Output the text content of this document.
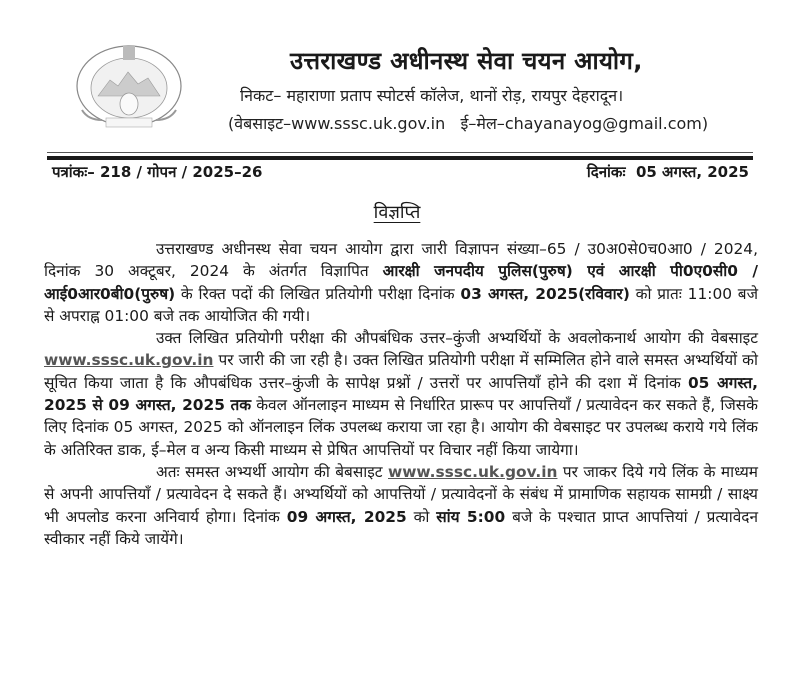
उत्तराखण्ड अधीनस्थ सेवा चयन आयोग,
निकट– महाराणा प्रताप स्पोटर्स कॉलेज, थानों रोड़, रायपुर देहरादून।
(वेबसाइट–www.sssc.uk.gov.in ई–मेल–chayanayog@gmail.com)
पत्रांकः– 218 / गोपन / 2025–26	दिनांकः 05 अगस्त, 2025
विज्ञप्ति

उत्तराखण्ड अधीनस्थ सेवा चयन आयोग द्वारा जारी विज्ञापन संख्या–65 / उ0अ0से0च0आ0 / 2024, दिनांक 30 अक्टूबर, 2024 के अंतर्गत विज्ञापित आरक्षी जनपदीय पुलिस(पुरुष) एवं आरक्षी पी0ए0सी0 / आई0आर0बी0(पुरुष) के रिक्त पदों की लिखित प्रतियोगी परीक्षा दिनांक 03 अगस्त, 2025(रविवार) को प्रातः 11:00 बजे से अपराह्न 01:00 बजे तक आयोजित की गयी।

उक्त लिखित प्रतियोगी परीक्षा की औपबंधिक उत्तर–कुंजी अभ्यर्थियों के अवलोकनार्थ आयोग की वेबसाइट www.sssc.uk.gov.in पर जारी की जा रही है। उक्त लिखित प्रतियोगी परीक्षा में सम्मिलित होने वाले समस्त अभ्यर्थियों को सूचित किया जाता है कि औपबंधिक उत्तर–कुंजी के सापेक्ष प्रश्नों / उत्तरों पर आपत्तियाँ होने की दशा में दिनांक 05 अगस्त, 2025 से 09 अगस्त, 2025 तक केवल ऑनलाइन माध्यम से निर्धारित प्रारूप पर आपत्तियाँ / प्रत्यावेदन कर सकते हैं, जिसके लिए दिनांक 05 अगस्त, 2025 को ऑनलाइन लिंक उपलब्ध कराया जा रहा है। आयोग की वेबसाइट पर उपलब्ध कराये गये लिंक के अतिरिक्त डाक, ई–मेल व अन्य किसी माध्यम से प्रेषित आपत्तियों पर विचार नहीं किया जायेगा।

अतः समस्त अभ्यर्थी आयोग की बेबसाइट www.sssc.uk.gov.in पर जाकर दिये गये लिंक के माध्यम से अपनी आपत्तियाँ / प्रत्यावेदन दे सकते हैं। अभ्यर्थियों को आपत्तियों / प्रत्यावेदनों के संबंध में प्रामाणिक सहायक सामग्री / साक्ष्य भी अपलोड करना अनिवार्य होगा। दिनांक 09 अगस्त, 2025 को सांय 5:00 बजे के पश्चात प्राप्त आपत्तियां / प्रत्यावेदन स्वीकार नहीं किये जायेंगे।
